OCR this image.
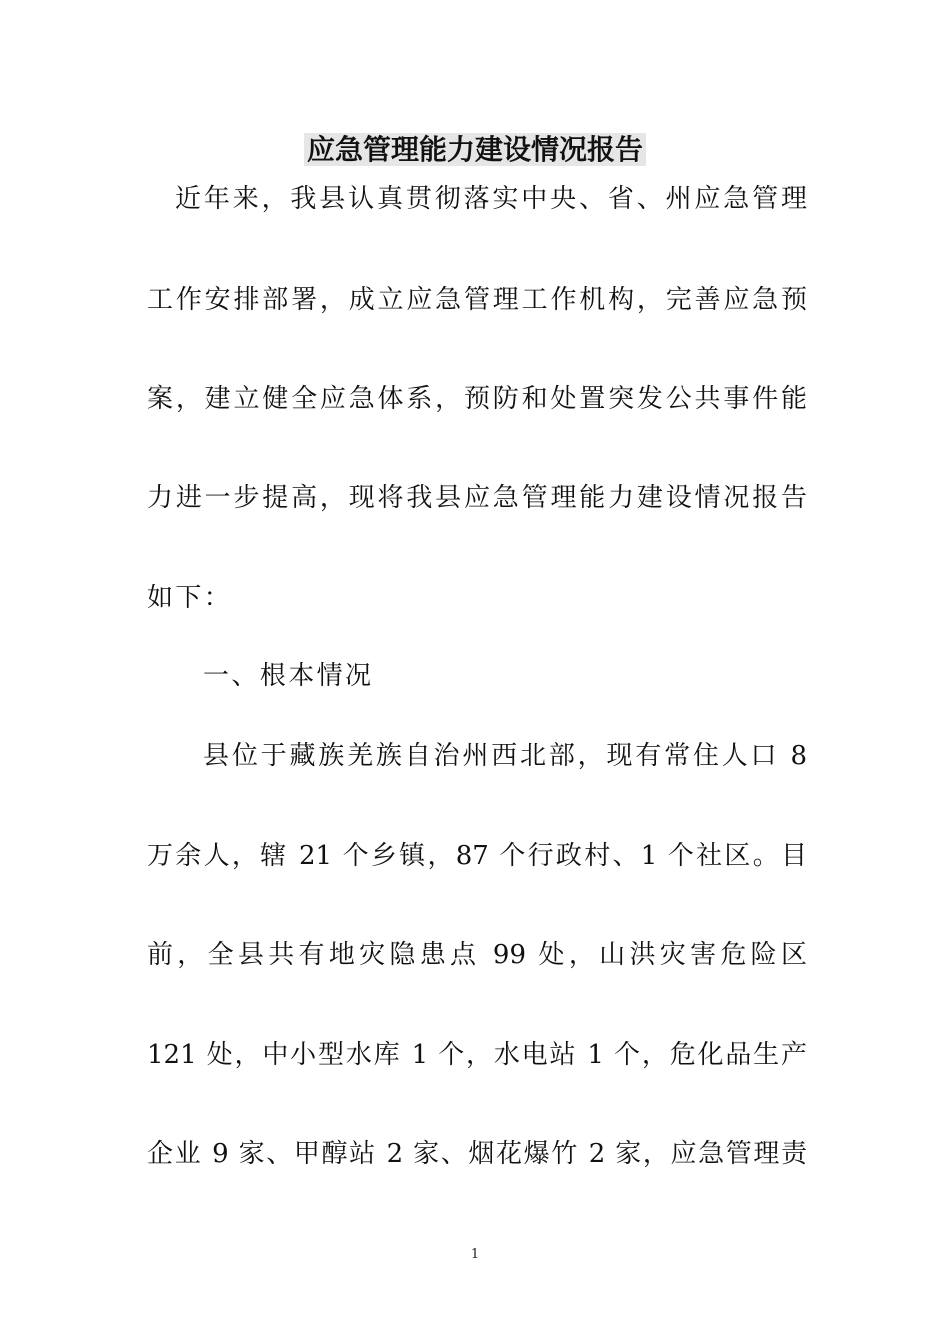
应急管理能力建设情况报告
近年来，我县认真贯彻落实中央、省、州应急管理
工作安排部署，成立应急管理工作机构，完善应急预
案，建立健全应急体系，预防和处置突发公共事件能
力进一步提高，现将我县应急管理能力建设情况报告
如下：
一、根本情况
县位于藏族羌族自治州西北部，现有常住人口 8
万余人，辖 21 个乡镇，87 个行政村、1 个社区。目
前，全县共有地灾隐患点 99 处，山洪灾害危险区
121 处，中小型水库 1 个，水电站 1 个，危化品生产
企业 9 家、甲醇站 2 家、烟花爆竹 2 家，应急管理责
1
